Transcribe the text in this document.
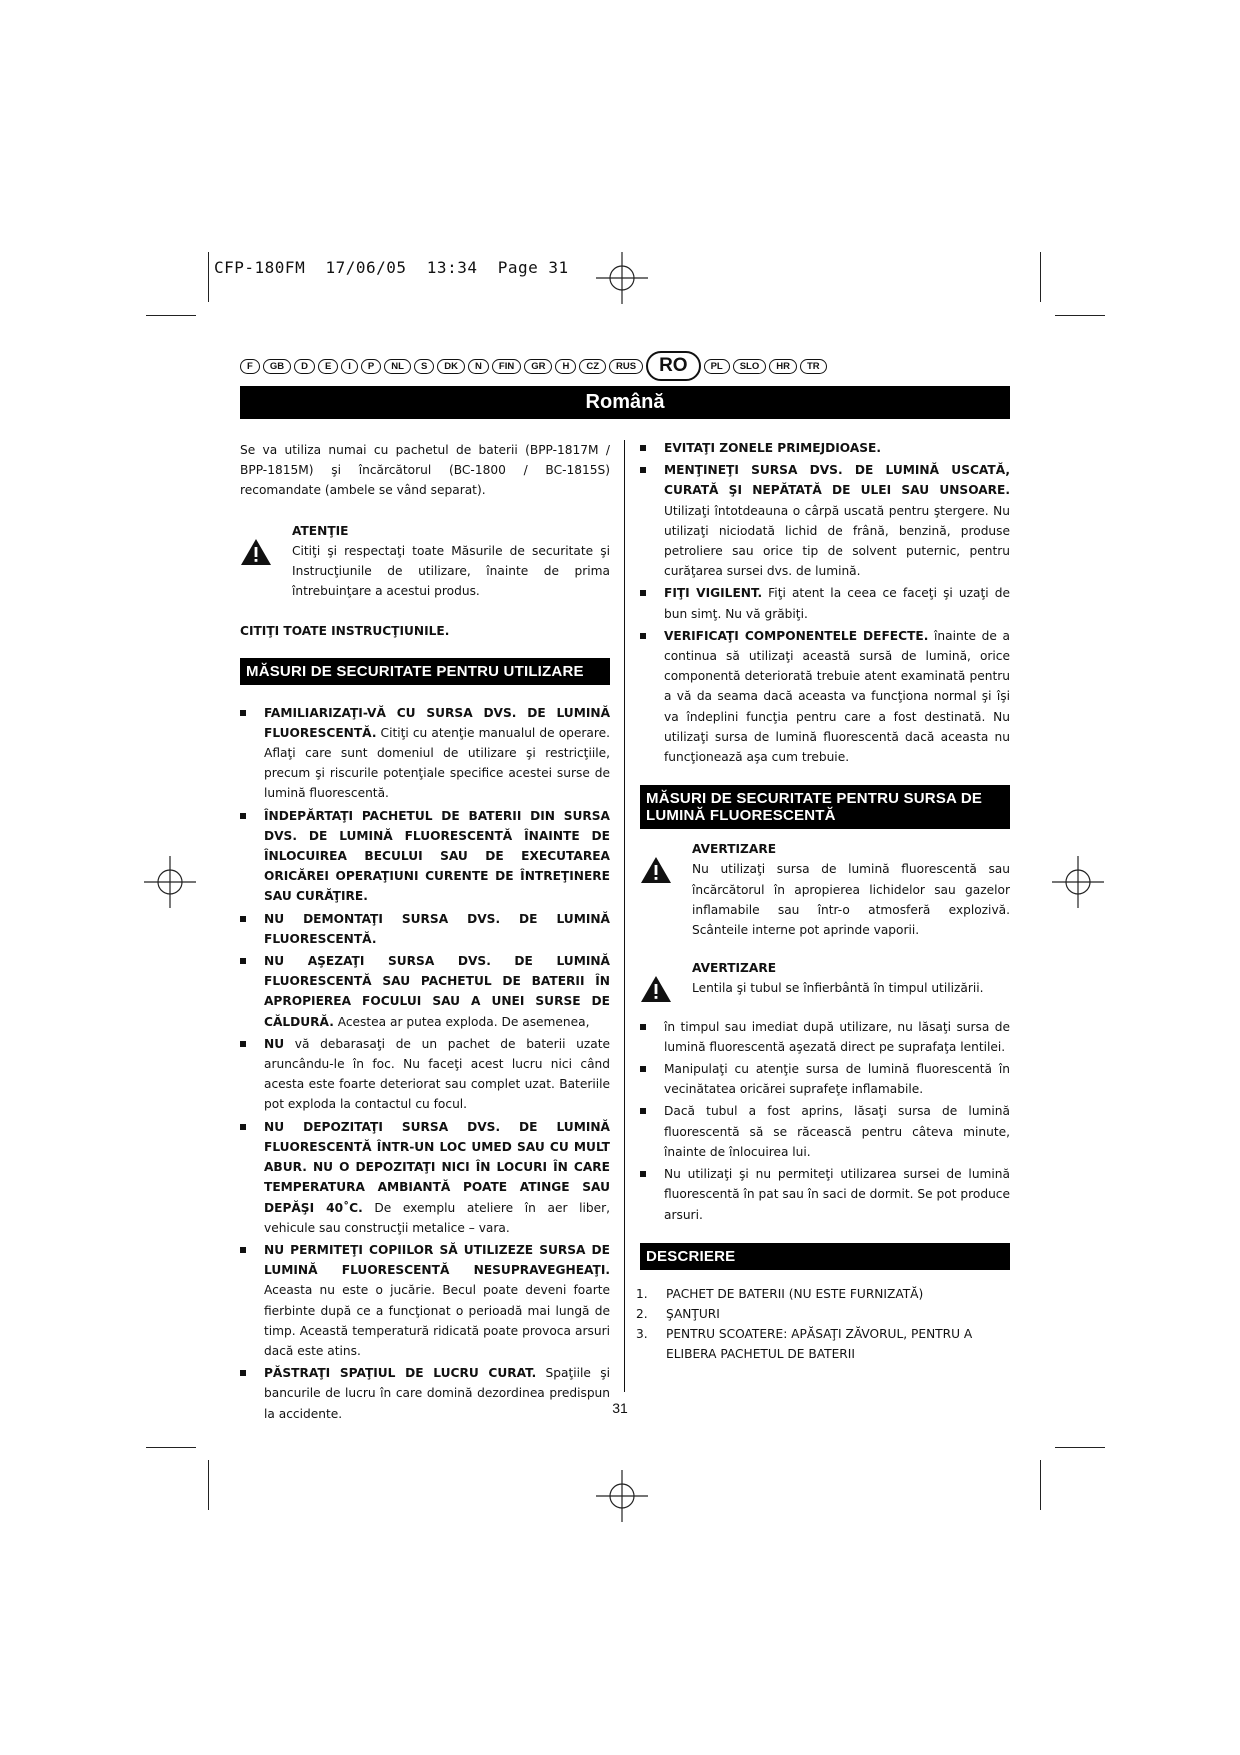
CFP-180FM 17/06/05 13:34 Page 31
F	GB	D	E	I	P	NL	S	DK	N	FIN	GR	H	CZ	RUS	RO	PL	SLO	HR	TR
Română

Se va utiliza numai cu pachetul de baterii (BPP-1817M / BPP-1815M) şi încărcătorul (BC-1800 / BC-1815S) recomandate (ambele se vând separat).

ATENŢIE

Citiţi şi respectaţi toate Măsurile de securitate şi Instrucţiunile de utilizare, înainte de prima întrebuinţare a acestui produs.

CITIŢI TOATE INSTRUCŢIUNILE.

MĂSURI DE SECURITATE PENTRU UTILIZARE

FAMILIARIZAŢI-VĂ CU SURSA DVS. DE LUMINĂ FLUORESCENTĂ. Citiţi cu atenţie manualul de operare. Aflaţi care sunt domeniul de utilizare şi restricţiile, precum şi riscurile potenţiale specifice acestei surse de lumină fluorescentă.

ÎNDEPĂRTAŢI PACHETUL DE BATERII DIN SURSA DVS. DE LUMINĂ FLUORESCENTĂ ÎNAINTE DE ÎNLOCUIREA BECULUI SAU DE EXECUTAREA ORICĂREI OPERAŢIUNI CURENTE DE ÎNTREŢINERE SAU CURĂŢIRE.

NU DEMONTAŢI SURSA DVS. DE LUMINĂ FLUORESCENTĂ.

NU AŞEZAŢI SURSA DVS. DE LUMINĂ FLUORESCENTĂ SAU PACHETUL DE BATERII ÎN APROPIEREA FOCULUI SAU A UNEI SURSE DE CĂLDURĂ. Acestea ar putea exploda. De asemenea,

NU vă debarasaţi de un pachet de baterii uzate aruncându-le în foc. Nu faceţi acest lucru nici când acesta este foarte deteriorat sau complet uzat. Bateriile pot exploda la contactul cu focul.

NU DEPOZITAŢI SURSA DVS. DE LUMINĂ FLUORESCENTĂ ÎNTR-UN LOC UMED SAU CU MULT ABUR. NU O DEPOZITAŢI NICI ÎN LOCURI ÎN CARE TEMPERATURA AMBIANTĂ POATE ATINGE SAU DEPĂŞI 40˚C. De exemplu ateliere în aer liber, vehicule sau construcţii metalice – vara.

NU PERMITEŢI COPIILOR SĂ UTILIZEZE SURSA DE LUMINĂ FLUORESCENTĂ NESUPRAVEGHEAŢI. Aceasta nu este o jucărie. Becul poate deveni foarte fierbinte după ce a funcţionat o perioadă mai lungă de timp. Această temperatură ridicată poate provoca arsuri dacă este atins.

PĂSTRAŢI SPAŢIUL DE LUCRU CURAT. Spaţiile şi bancurile de lucru în care domină dezordinea predispun la accidente.

EVITAŢI ZONELE PRIMEJDIOASE.

MENŢINEŢI SURSA DVS. DE LUMINĂ USCATĂ, CURATĂ ŞI NEPĂTATĂ DE ULEI SAU UNSOARE. Utilizaţi întotdeauna o cârpă uscată pentru ştergere. Nu utilizaţi niciodată lichid de frână, benzină, produse petroliere sau orice tip de solvent puternic, pentru curăţarea sursei dvs. de lumină.

FIŢI VIGILENT. Fiţi atent la ceea ce faceţi şi uzaţi de bun simţ. Nu vă grăbiţi.

VERIFICAŢI COMPONENTELE DEFECTE. înainte de a continua să utilizaţi această sursă de lumină, orice componentă deteriorată trebuie atent examinată pentru a vă da seama dacă aceasta va funcţiona normal şi îşi va îndeplini funcţia pentru care a fost destinată. Nu utilizaţi sursa de lumină fluorescentă dacă aceasta nu funcţionează aşa cum trebuie.

MĂSURI DE SECURITATE PENTRU SURSA DE LUMINĂ FLUORESCENTĂ

AVERTIZARE

Nu utilizaţi sursa de lumină fluorescentă sau încărcătorul în apropierea lichidelor sau gazelor inflamabile sau într-o atmosferă explozivă. Scânteile interne pot aprinde vaporii.

AVERTIZARE

Lentila şi tubul se înfierbântă în timpul utilizării.

în timpul sau imediat după utilizare, nu lăsaţi sursa de lumină fluorescentă aşezată direct pe suprafaţa lentilei.

Manipulaţi cu atenţie sursa de lumină fluorescentă în vecinătatea oricărei suprafeţe inflamabile.

Dacă tubul a fost aprins, lăsaţi sursa de lumină fluorescentă să se răcească pentru câteva minute, înainte de înlocuirea lui.

Nu utilizaţi şi nu permiteţi utilizarea sursei de lumină fluorescentă în pat sau în saci de dormit. Se pot produce arsuri.

DESCRIERE
1. PACHET DE BATERII (NU ESTE FURNIZATĂ)
2. ŞANŢURI
3. PENTRU SCOATERE: APĂSAŢI ZĂVORUL, PENTRU A ELIBERA PACHETUL DE BATERII
31
